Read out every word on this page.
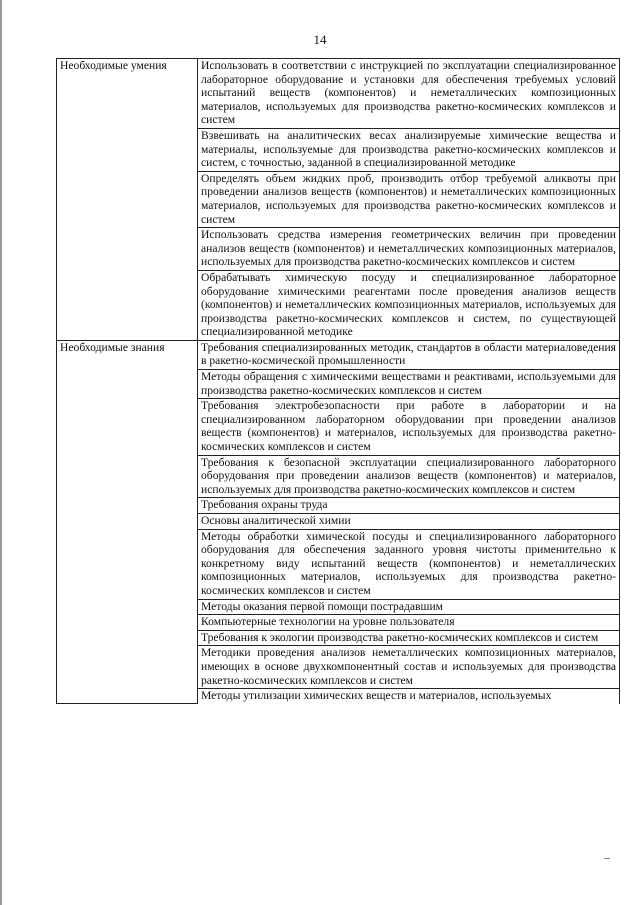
14
Необходимые умения	Использовать в соответствии с инструкцией по эксплуатации специализированное лабораторное оборудование и установки для обеспечения требуемых условий испытаний веществ (компонентов) и неметаллических композиционных материалов, используемых для производства ракетно-космических комплексов и систем
	Взвешивать на аналитических весах анализируемые химические вещества и материалы, используемые для производства ракетно-космических комплексов и систем, с точностью, заданной в специализированной методике
	Определять объем жидких проб, производить отбор требуемой аликвоты при проведении анализов веществ (компонентов) и неметаллических композиционных материалов, используемых для производства ракетно-космических комплексов и систем
	Использовать средства измерения геометрических величин при проведении анализов веществ (компонентов) и неметаллических композиционных материалов, используемых для производства ракетно-космических комплексов и систем
	Обрабатывать химическую посуду и специализированное лабораторное оборудование химическими реагентами после проведения анализов веществ (компонентов) и неметаллических композиционных материалов, используемых для производства ракетно-космических комплексов и систем, по существующей специализированной методике
Необходимые знания	Требования специализированных методик, стандартов в области материаловедения в ракетно-космической промышленности
	Методы обращения с химическими веществами и реактивами, используемыми для производства ракетно-космических комплексов и систем
	Требования электробезопасности при работе в лаборатории и на специализированном лабораторном оборудовании при проведении анализов веществ (компонентов) и материалов, используемых для производства ракетно-космических комплексов и систем
	Требования к безопасной эксплуатации специализированного лабораторного оборудования при проведении анализов веществ (компонентов) и материалов, используемых для производства ракетно-космических комплексов и систем
	Требования охраны труда
	Основы аналитической химии
	Методы обработки химической посуды и специализированного лабораторного оборудования для обеспечения заданного уровня чистоты применительно к конкретному виду испытаний веществ (компонентов) и неметаллических композиционных материалов, используемых для производства ракетно-космических комплексов и систем
	Методы оказания первой помощи пострадавшим
	Компьютерные технологии на уровне пользователя
	Требования к экологии производства ракетно-космических комплексов и систем
	Методики проведения анализов неметаллических композиционных материалов, имеющих в основе двухкомпонентный состав и используемых для производства ракетно-космических комплексов и систем
	Методы утилизации химических веществ и материалов, используемых
